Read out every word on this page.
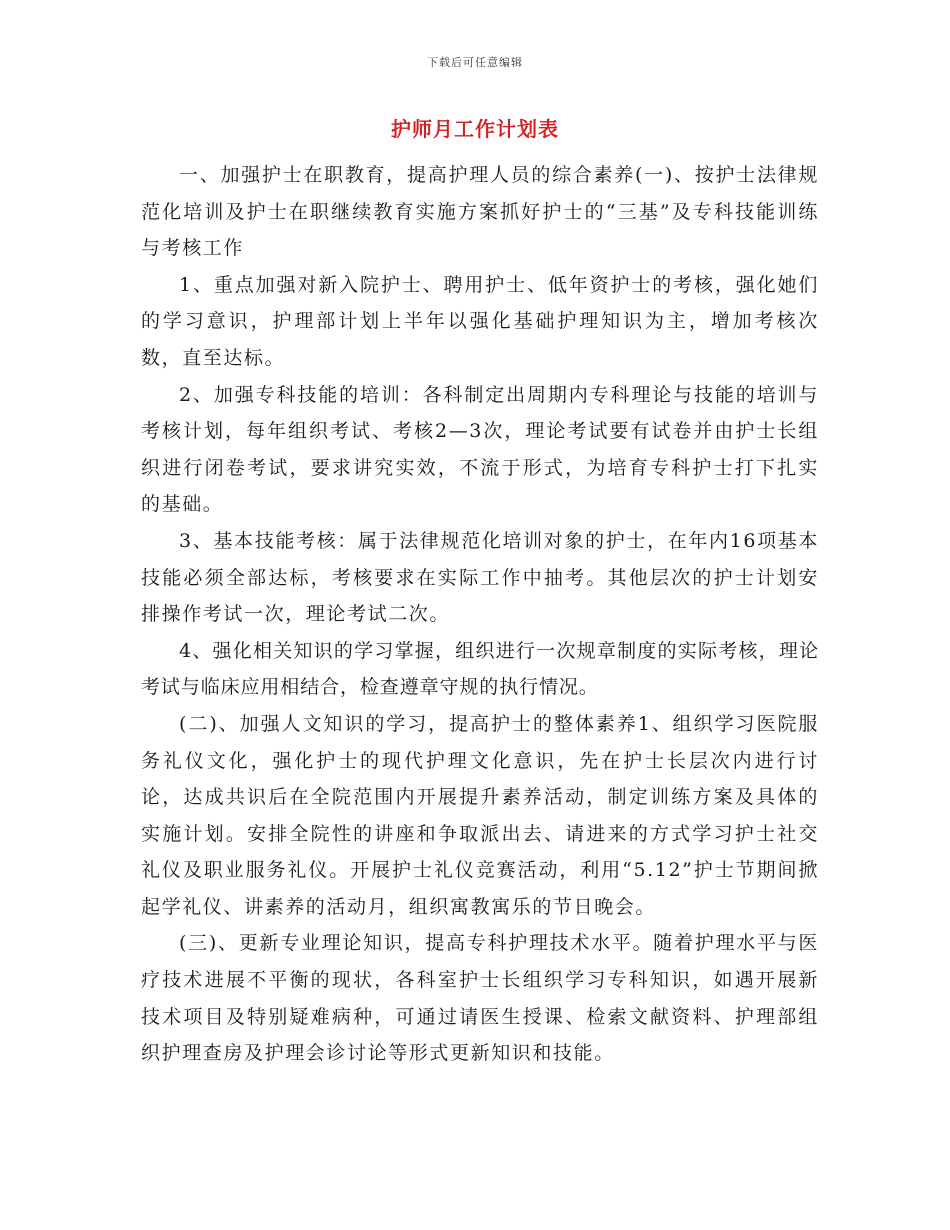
下载后可任意编辑
护师月工作计划表

一、加强护士在职教育，提高护理人员的综合素养(一)、按护士法律规范化培训及护士在职继续教育实施方案抓好护士的“三基”及专科技能训练与考核工作

1、重点加强对新入院护士、聘用护士、低年资护士的考核，强化她们的学习意识，护理部计划上半年以强化基础护理知识为主，增加考核次数，直至达标。

2、加强专科技能的培训：各科制定出周期内专科理论与技能的培训与考核计划，每年组织考试、考核2—3次，理论考试要有试卷并由护士长组织进行闭卷考试，要求讲究实效，不流于形式，为培育专科护士打下扎实的基础。

3、基本技能考核：属于法律规范化培训对象的护士，在年内16项基本技能必须全部达标，考核要求在实际工作中抽考。其他层次的护士计划安排操作考试一次，理论考试二次。

4、强化相关知识的学习掌握，组织进行一次规章制度的实际考核，理论考试与临床应用相结合，检查遵章守规的执行情况。

(二)、加强人文知识的学习，提高护士的整体素养1、组织学习医院服务礼仪文化，强化护士的现代护理文化意识，先在护士长层次内进行讨论，达成共识后在全院范围内开展提升素养活动，制定训练方案及具体的实施计划。安排全院性的讲座和争取派出去、请进来的方式学习护士社交礼仪及职业服务礼仪。开展护士礼仪竞赛活动，利用“5.12”护士节期间掀起学礼仪、讲素养的活动月，组织寓教寓乐的节日晚会。

(三)、更新专业理论知识，提高专科护理技术水平。随着护理水平与医疗技术进展不平衡的现状，各科室护士长组织学习专科知识，如遇开展新技术项目及特别疑难病种，可通过请医生授课、检索文献资料、护理部组织护理查房及护理会诊讨论等形式更新知识和技能。
